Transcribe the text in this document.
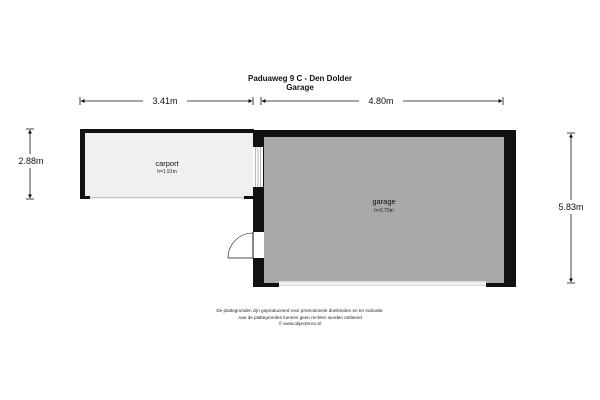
Paduaweg 9 C - Den Dolder
Garage
3.41m	4.80m
2.88m
5.83m
carport
h=1.91m
garage
h=2.70m
De plattegronden zijn geproduceerd voor promotionele doeleinden en ter indicatie.
Aan de plattegronden kunnen geen rechten worden ontleend
© www.objectenco.nl
